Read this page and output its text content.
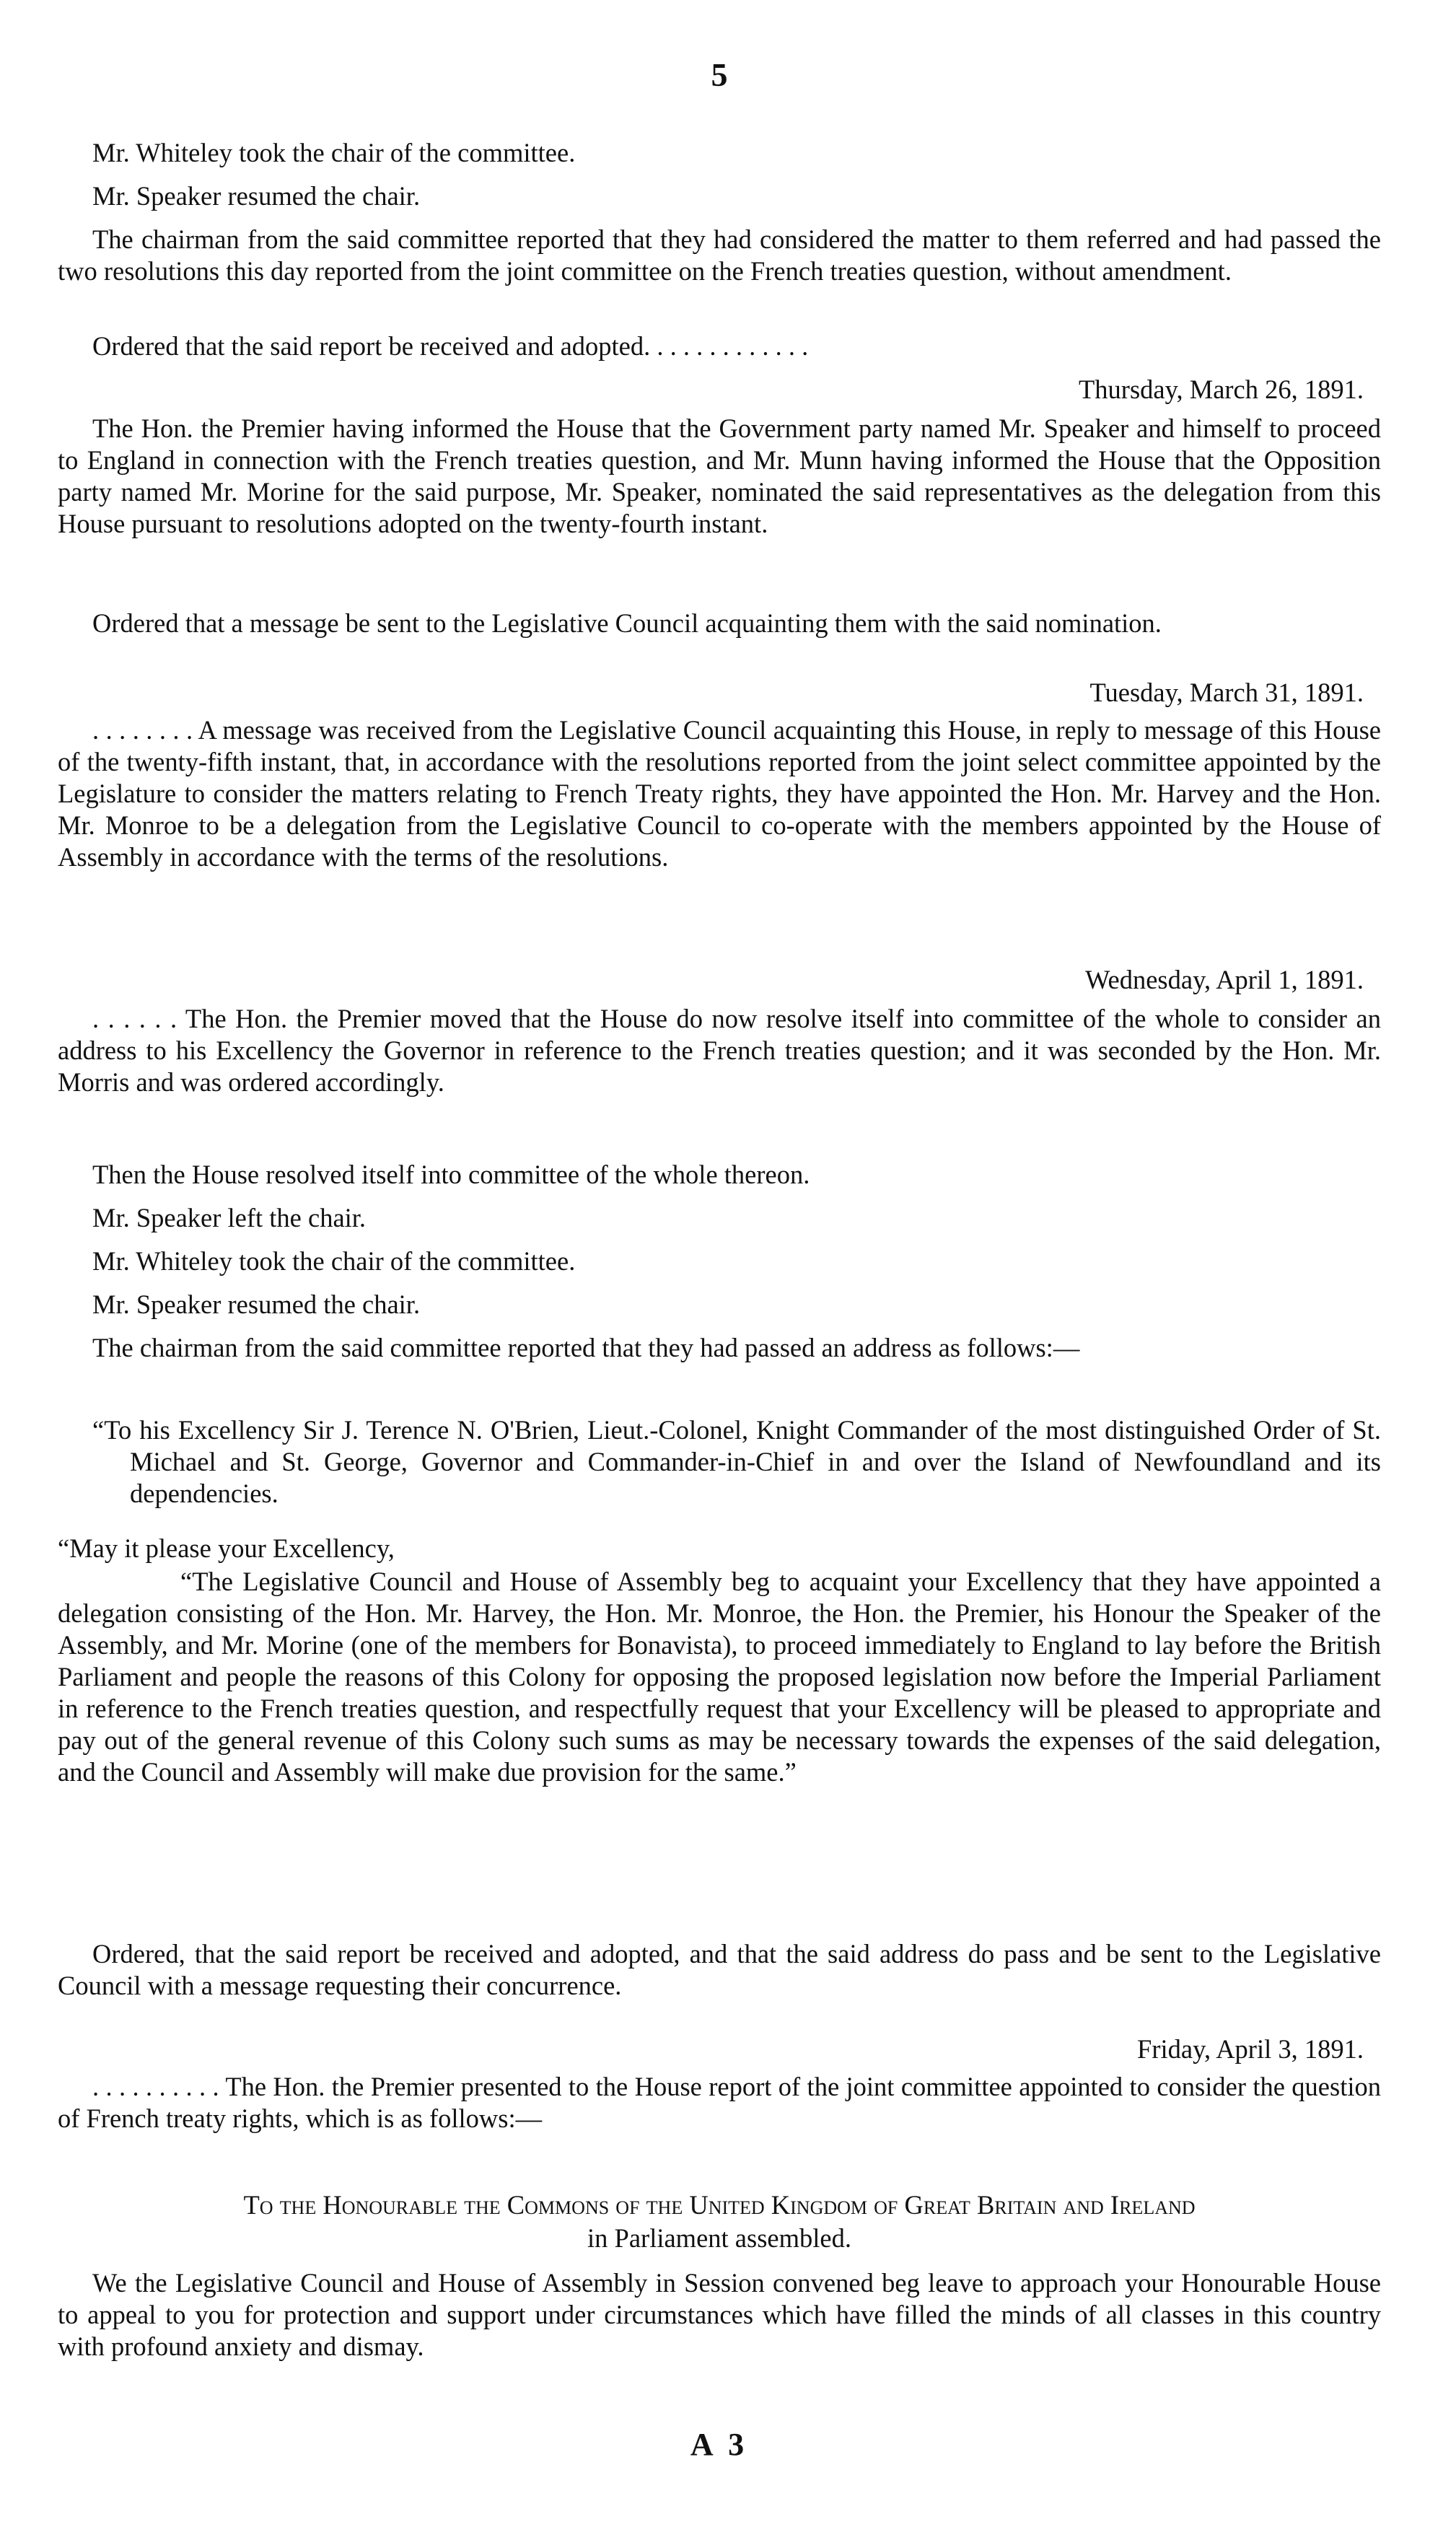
5

Mr. Whiteley took the chair of the committee.

Mr. Speaker resumed the chair.

The chairman from the said committee reported that they had considered the matter to them referred and had passed the two resolutions this day reported from the joint committee on the French treaties question, without amendment.

Ordered that the said report be received and adopted. . . . . . . . . . . . .

Thursday, March 26, 1891.

The Hon. the Premier having informed the House that the Government party named Mr. Speaker and himself to proceed to England in connection with the French treaties question, and Mr. Munn having informed the House that the Opposition party named Mr. Morine for the said purpose, Mr. Speaker, nominated the said representatives as the delegation from this House pursuant to resolutions adopted on the twenty-fourth instant.

Ordered that a message be sent to the Legislative Council acquainting them with the said nomination.

Tuesday, March 31, 1891.

. . . . . . . . A message was received from the Legislative Council acquainting this House, in reply to message of this House of the twenty-fifth instant, that, in accordance with the resolutions reported from the joint select committee appointed by the Legislature to consider the matters relating to French Treaty rights, they have appointed the Hon. Mr. Harvey and the Hon. Mr. Monroe to be a delegation from the Legislative Council to co-operate with the members appointed by the House of Assembly in accordance with the terms of the resolutions.

Wednesday, April 1, 1891.

. . . . . . The Hon. the Premier moved that the House do now resolve itself into committee of the whole to consider an address to his Excellency the Governor in reference to the French treaties question; and it was seconded by the Hon. Mr. Morris and was ordered accordingly.

Then the House resolved itself into committee of the whole thereon.

Mr. Speaker left the chair.

Mr. Whiteley took the chair of the committee.

Mr. Speaker resumed the chair.

The chairman from the said committee reported that they had passed an address as follows:—

“To his Excellency Sir J. Terence N. O'Brien, Lieut.-Colonel, Knight Commander of the most distinguished Order of St. Michael and St. George, Governor and Commander-in-Chief in and over the Island of Newfoundland and its dependencies.

“May it please your Excellency,

“The Legislative Council and House of Assembly beg to acquaint your Excellency that they have appointed a delegation consisting of the Hon. Mr. Harvey, the Hon. Mr. Monroe, the Hon. the Premier, his Honour the Speaker of the Assembly, and Mr. Morine (one of the members for Bonavista), to proceed immediately to England to lay before the British Parliament and people the reasons of this Colony for opposing the proposed legislation now before the Imperial Parliament in reference to the French treaties question, and respectfully request that your Excellency will be pleased to appropriate and pay out of the general revenue of this Colony such sums as may be necessary towards the expenses of the said delegation, and the Council and Assembly will make due provision for the same.”

Ordered, that the said report be received and adopted, and that the said address do pass and be sent to the Legislative Council with a message requesting their concurrence.

Friday, April 3, 1891.

. . . . . . . . . . The Hon. the Premier presented to the House report of the joint committee appointed to consider the question of French treaty rights, which is as follows:—

To the Honourable the Commons of the United Kingdom of Great Britain and Ireland

in Parliament assembled.

We the Legislative Council and House of Assembly in Session convened beg leave to approach your Honourable House to appeal to you for protection and support under circumstances which have filled the minds of all classes in this country with profound anxiety and dismay.

A 3
